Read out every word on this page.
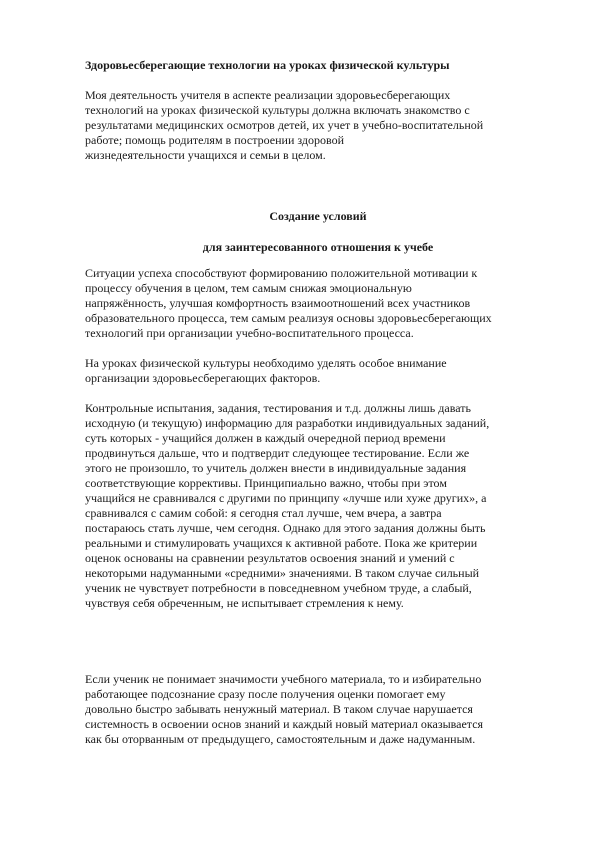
Здоровьесберегающие технологии на уроках физической культуры
Моя деятельность учителя в аспекте реализации здоровьесберегающих
технологий на уроках физической культуры должна включать знакомство с
результатами медицинских осмотров детей, их учет в учебно-воспитательной
работе; помощь родителям в построении здоровой
жизнедеятельности учащихся и семьи в целом.
Создание условий
для заинтересованного отношения к учебе
Ситуации успеха способствуют формированию положительной мотивации к
процессу обучения в целом, тем самым снижая эмоциональную
напряжённость, улучшая комфортность взаимоотношений всех участников
образовательного процесса, тем самым реализуя основы здоровьесберегающих
технологий при организации учебно-воспитательного процесса.
На уроках физической культуры необходимо уделять особое внимание
организации здоровьесберегающих факторов.
Контрольные испытания, задания, тестирования и т.д. должны лишь давать
исходную (и текущую) информацию для разработки индивидуальных заданий,
суть которых - учащийся должен в каждый очередной период времени
продвинуться дальше, что и подтвердит следующее тестирование. Если же
этого не произошло, то учитель должен внести в индивидуальные задания
соответствующие коррективы. Принципиально важно, чтобы при этом
учащийся не сравнивался с другими по принципу «лучше или хуже других», а
сравнивался с самим собой: я сегодня стал лучше, чем вчера, а завтра
постараюсь стать лучше, чем сегодня. Однако для этого задания должны быть
реальными и стимулировать учащихся к активной работе. Пока же критерии
оценок основаны на сравнении результатов освоения знаний и умений с
некоторыми надуманными «средними» значениями. В таком случае сильный
ученик не чувствует потребности в повседневном учебном труде, а слабый,
чувствуя себя обреченным, не испытывает стремления к нему.
Если ученик не понимает значимости учебного материала, то и избирательно
работающее подсознание сразу после получения оценки помогает ему
довольно быстро забывать ненужный материал. В таком случае нарушается
системность в освоении основ знаний и каждый новый материал оказывается
как бы оторванным от предыдущего, самостоятельным и даже надуманным.
